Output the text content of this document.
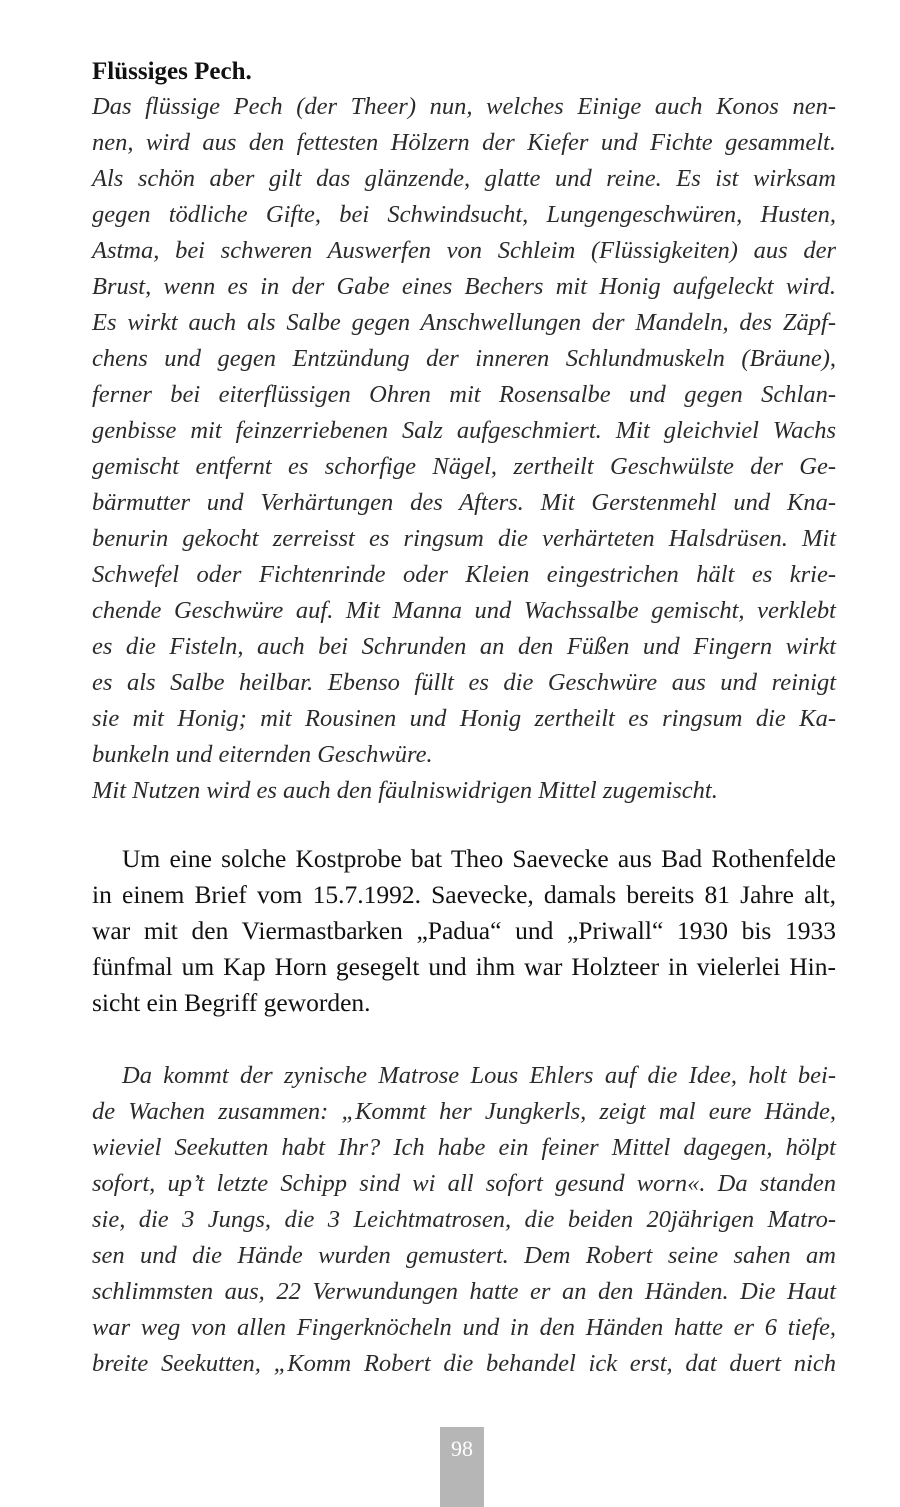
Flüssiges Pech.
Das flüssige Pech (der Theer) nun, welches Einige auch Konos nen-
nen, wird aus den fettesten Hölzern der Kiefer und Fichte gesammelt.
Als schön aber gilt das glänzende, glatte und reine. Es ist wirksam
gegen tödliche Gifte, bei Schwindsucht, Lungengeschwüren, Husten,
Astma, bei schweren Auswerfen von Schleim (Flüssigkeiten) aus der
Brust, wenn es in der Gabe eines Bechers mit Honig aufgeleckt wird.
Es wirkt auch als Salbe gegen Anschwellungen der Mandeln, des Zäpf-
chens und gegen Entzündung der inneren Schlundmuskeln (Bräune),
ferner bei eiterflüssigen Ohren mit Rosensalbe und gegen Schlan-
genbisse mit feinzerriebenen Salz aufgeschmiert. Mit gleichviel Wachs
gemischt entfernt es schorfige Nägel, zertheilt Geschwülste der Ge-
bärmutter und Verhärtungen des Afters. Mit Gerstenmehl und Kna-
benurin gekocht zerreisst es ringsum die verhärteten Halsdrüsen. Mit
Schwefel oder Fichtenrinde oder Kleien eingestrichen hält es krie-
chende Geschwüre auf. Mit Manna und Wachssalbe gemischt, verklebt
es die Fisteln, auch bei Schrunden an den Füßen und Fingern wirkt
es als Salbe heilbar. Ebenso füllt es die Geschwüre aus und reinigt
sie mit Honig; mit Rousinen und Honig zertheilt es ringsum die Ka-
bunkeln und eiternden Geschwüre.
Mit Nutzen wird es auch den fäulniswidrigen Mittel zugemischt.
Um eine solche Kostprobe bat Theo Saevecke aus Bad Rothenfelde
in einem Brief vom 15.7.1992. Saevecke, damals bereits 81 Jahre alt,
war mit den Viermastbarken „Padua“ und „Priwall“ 1930 bis 1933
fünfmal um Kap Horn gesegelt und ihm war Holzteer in vielerlei Hin-
sicht ein Begriff geworden.
Da kommt der zynische Matrose Lous Ehlers auf die Idee, holt bei-
de Wachen zusammen: „Kommt her Jungkerls, zeigt mal eure Hände,
wieviel Seekutten habt Ihr? Ich habe ein feiner Mittel dagegen, hölpt
sofort, up’t letzte Schipp sind wi all sofort gesund worn«. Da standen
sie, die 3 Jungs, die 3 Leichtmatrosen, die beiden 20jährigen Matro-
sen und die Hände wurden gemustert. Dem Robert seine sahen am
schlimmsten aus, 22 Verwundungen hatte er an den Händen. Die Haut
war weg von allen Fingerknöcheln und in den Händen hatte er 6 tiefe,
breite Seekutten, „Komm Robert die behandel ick erst, dat duert nich
98
